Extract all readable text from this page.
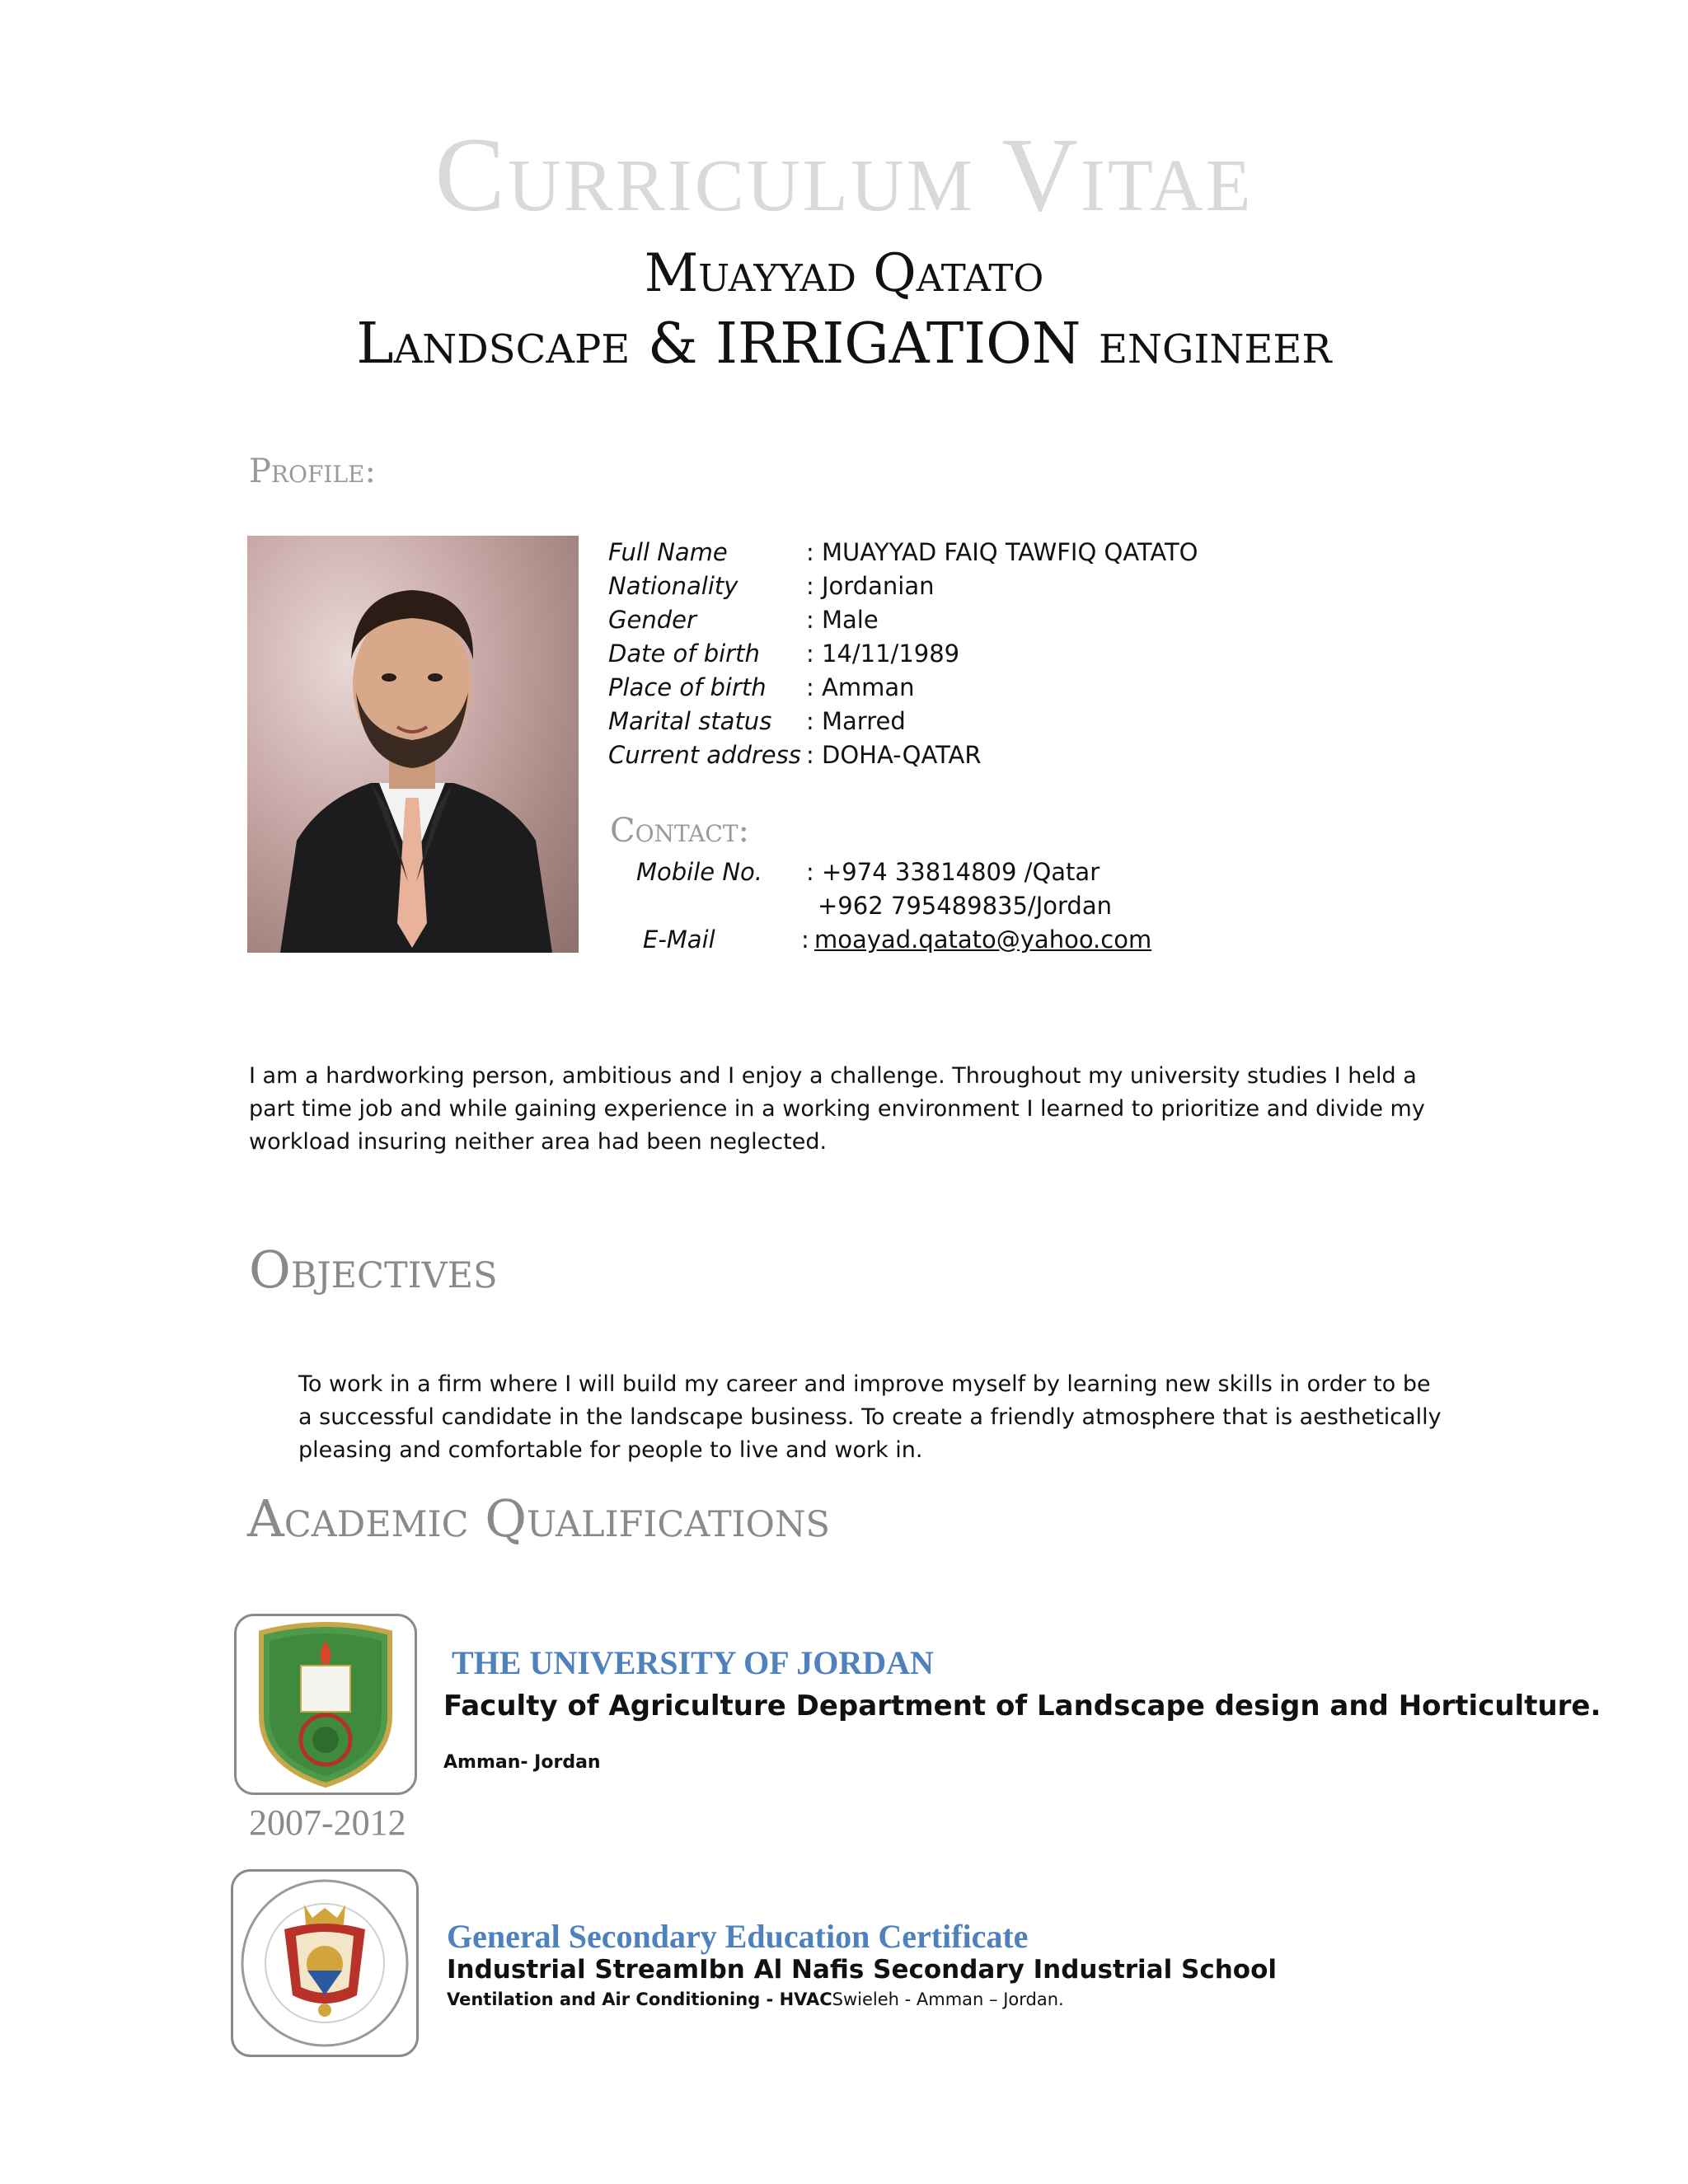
Curriculum Vitae
Muayyad Qatato
Landscape & IRRIGATION engineer
Profile:
Full Name	: MUAYYAD FAIQ TAWFIQ QATATO
Nationality	: Jordanian
Gender	: Male
Date of birth : 14/11/1989
Place of birth : Amman
Marital status : Marred
Current address : DOHA-QATAR
Contact:
Mobile No. : +974 33814809 /Qatar
+962 795489835/Jordan
E-Mail	: moayad.qatato@yahoo.com
I am a hardworking person, ambitious and I enjoy a challenge. Throughout my university studies I held a part time job and while gaining experience in a working environment I learned to prioritize and divide my workload insuring neither area had been neglected.
Objectives
To work in a firm where I will build my career and improve myself by learning new skills in order to be a successful candidate in the landscape business. To create a friendly atmosphere that is aesthetically pleasing and comfortable for people to live and work in.
Academic Qualifications
THE UNIVERSITY OF JORDAN
Faculty of Agriculture Department of Landscape design and Horticulture.
Amman- Jordan
2007-2012
General Secondary Education Certificate
Industrial StreamIbn Al Nafis Secondary Industrial School
Ventilation and Air Conditioning - HVACSwieleh - Amman – Jordan.
